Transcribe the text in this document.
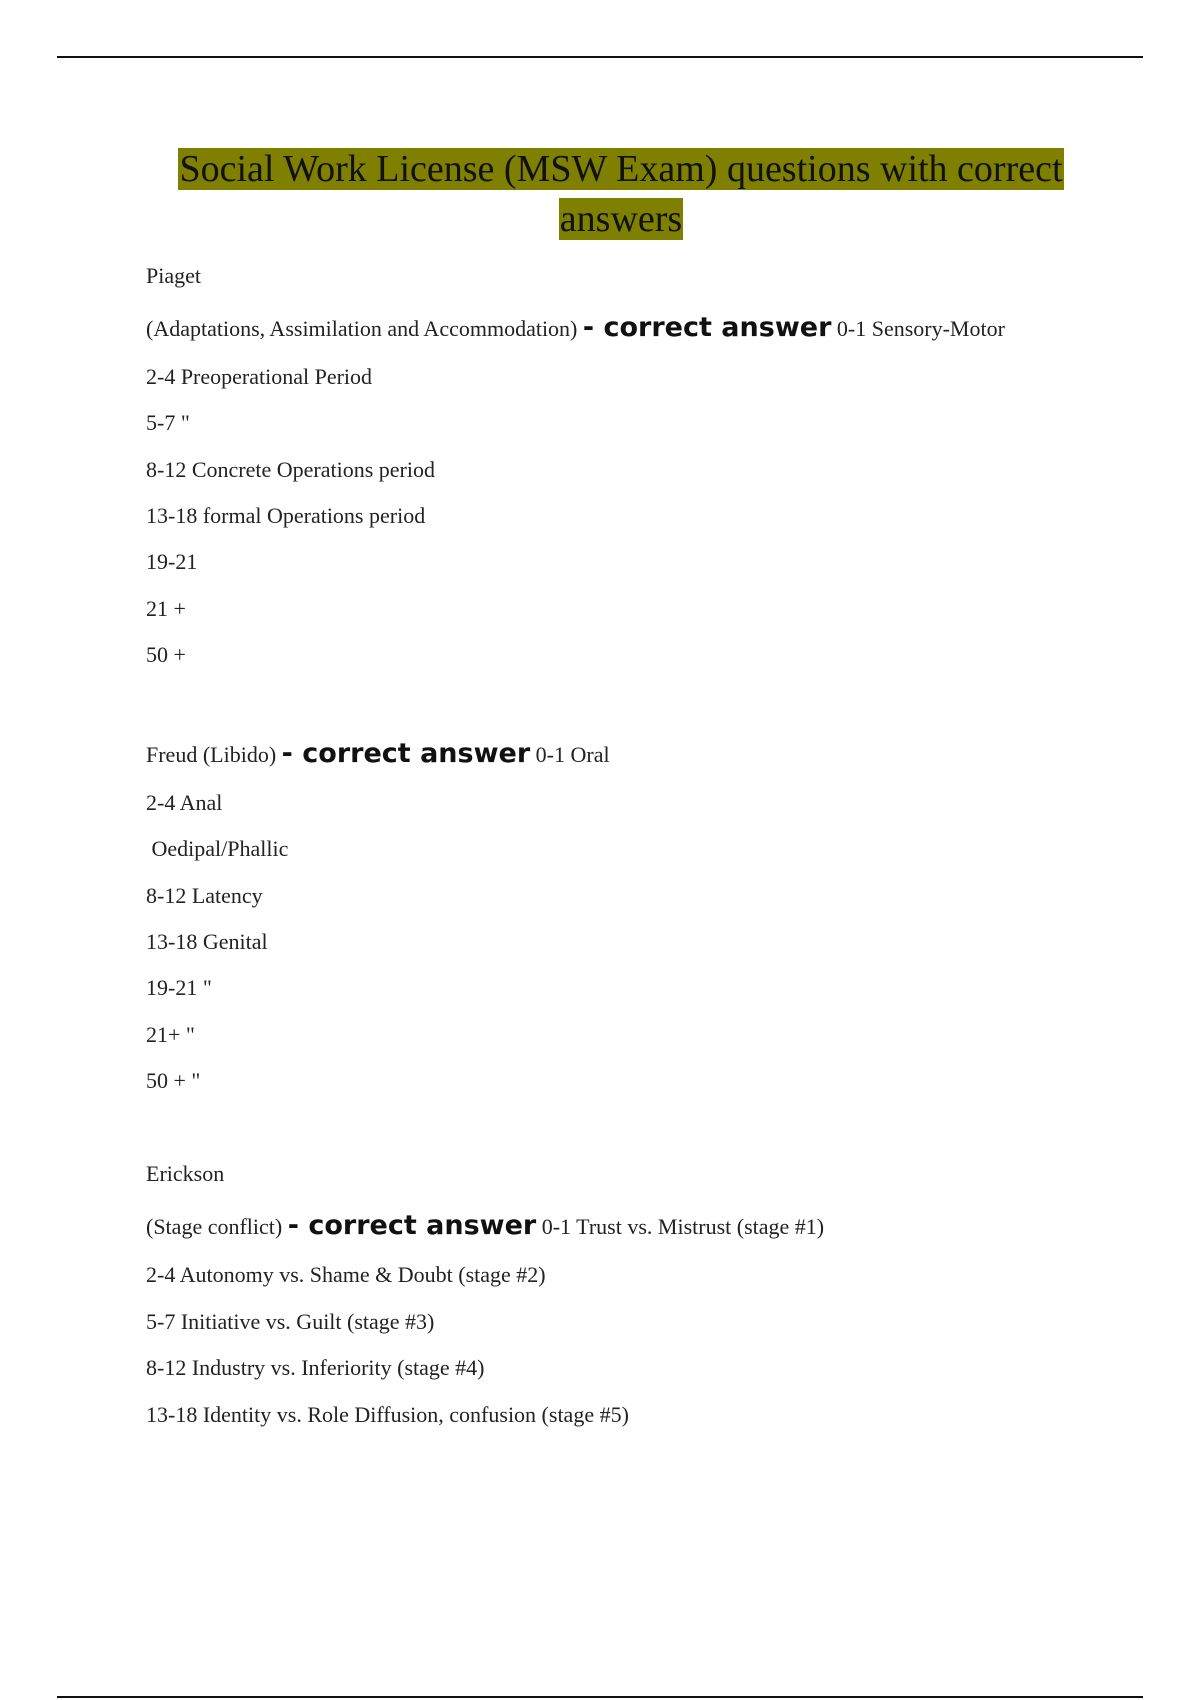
Social Work License (MSW Exam) questions with correct
answers
Piaget
(Adaptations, Assimilation and Accommodation) - correct answer 0-1 Sensory-Motor
2-4 Preoperational Period
5-7 "
8-12 Concrete Operations period
13-18 formal Operations period
19-21
21 +
50 +
Freud (Libido) - correct answer 0-1 Oral
2-4 Anal
Oedipal/Phallic
8-12 Latency
13-18 Genital
19-21 "
21+ "
50 + "
Erickson
(Stage conflict) - correct answer 0-1 Trust vs. Mistrust (stage #1)
2-4 Autonomy vs. Shame & Doubt (stage #2)
5-7 Initiative vs. Guilt (stage #3)
8-12 Industry vs. Inferiority (stage #4)
13-18 Identity vs. Role Diffusion, confusion (stage #5)
